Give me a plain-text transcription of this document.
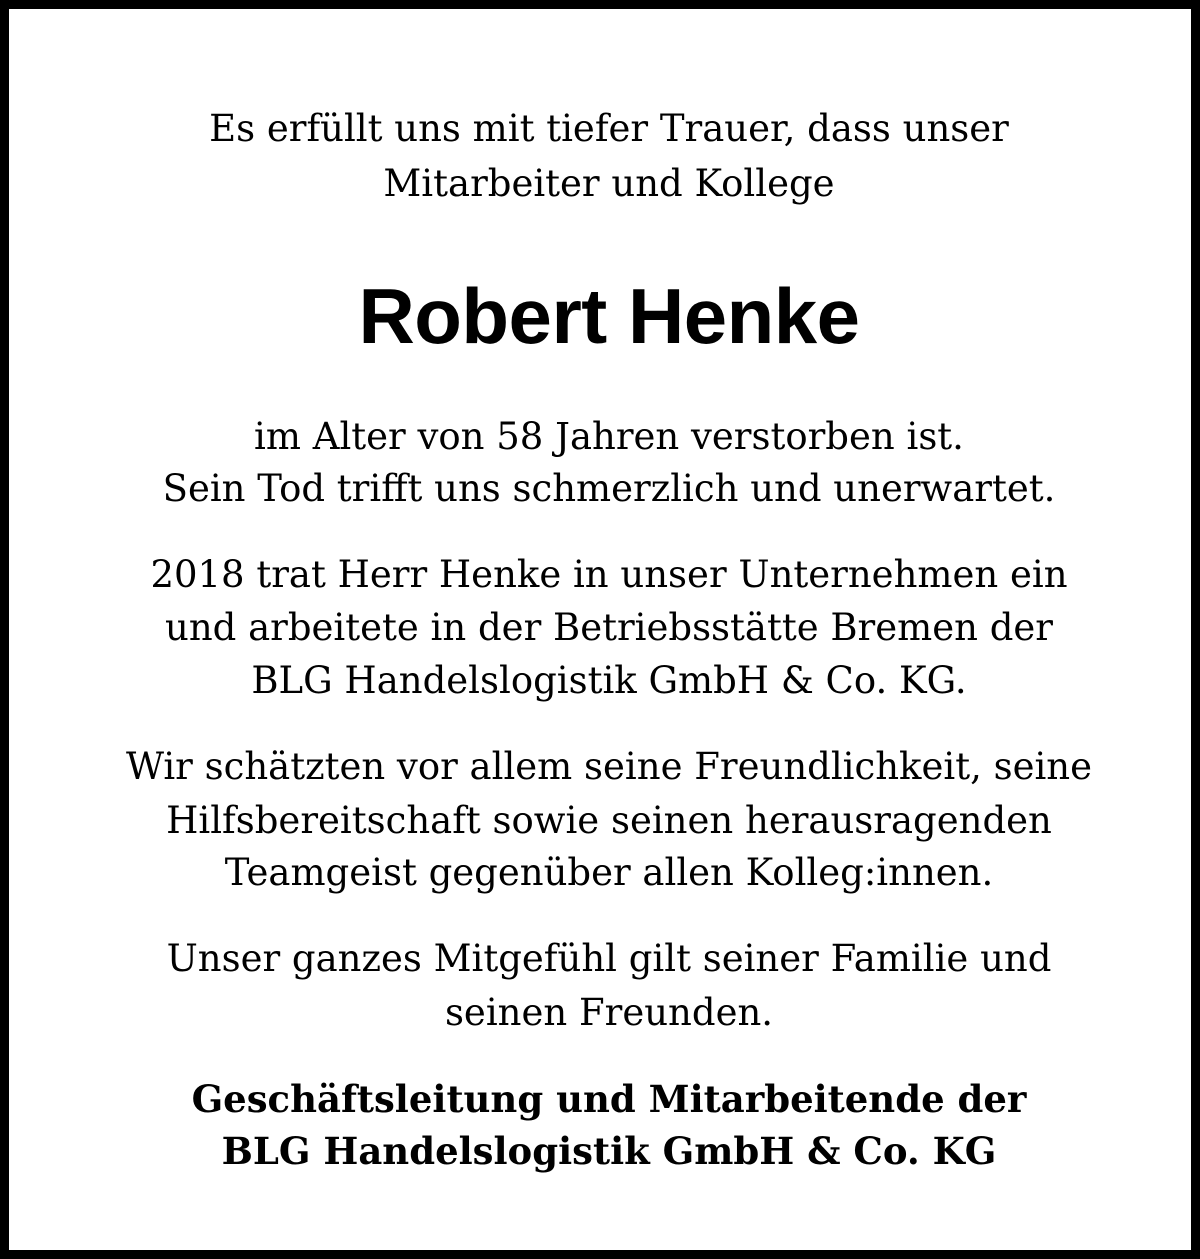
Es erfüllt uns mit tiefer Trauer, dass unser
Mitarbeiter und Kollege
Robert Henke
im Alter von 58 Jahren verstorben ist.
Sein Tod trifft uns schmerzlich und unerwartet.
2018 trat Herr Henke in unser Unternehmen ein
und arbeitete in der Betriebsstätte Bremen der
BLG Handelslogistik GmbH & Co. KG.
Wir schätzten vor allem seine Freundlichkeit, seine
Hilfsbereitschaft sowie seinen herausragenden
Teamgeist gegenüber allen Kolleg:innen.
Unser ganzes Mitgefühl gilt seiner Familie und
seinen Freunden.
Geschäftsleitung und Mitarbeitende der
BLG Handelslogistik GmbH & Co. KG
